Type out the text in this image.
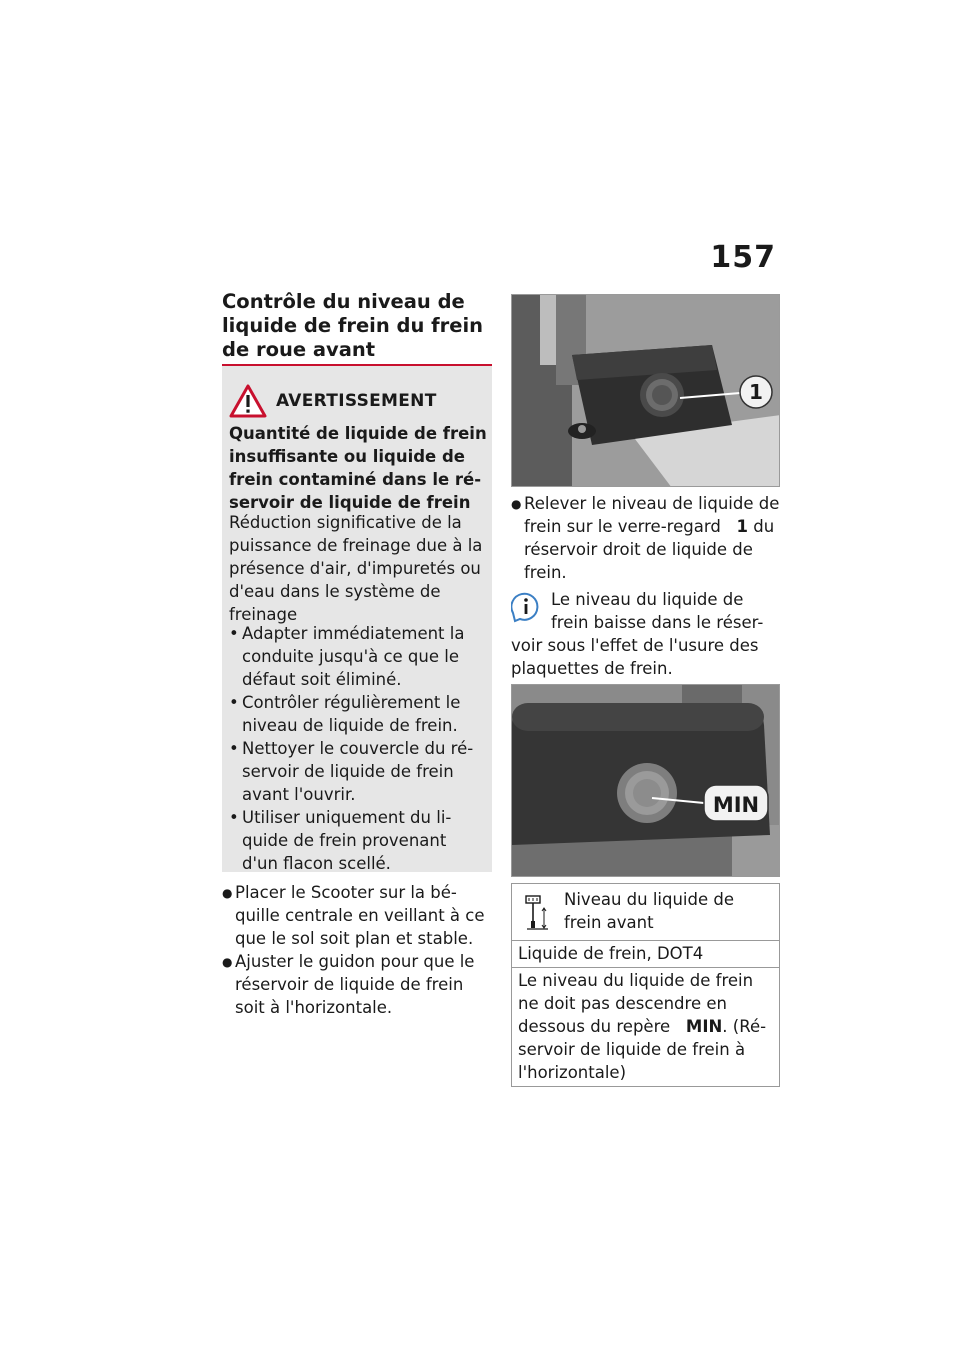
157
Contrôle du niveau de liquide de frein du frein de roue avant
AVERTISSEMENT
Quantité de liquide de frein insuffisante ou liquide de frein contaminé dans le ré-servoir de liquide de frein
Réduction significative de la puissance de freinage due à la présence d'air, d'impuretés ou d'eau dans le système de freinage
• Adapter immédiatement la conduite jusqu'à ce que le défaut soit éliminé.
• Contrôler régulièrement le niveau de liquide de frein.
• Nettoyer le couvercle du ré-servoir de liquide de frein avant l'ouvrir.
• Utiliser uniquement du li-quide de frein provenant d'un flacon scellé.
● Placer le Scooter sur la bé-quille centrale en veillant à ce que le sol soit plan et stable.
● Ajuster le guidon pour que le réservoir de liquide de frein soit à l'horizontale.
1
● Relever le niveau de liquide de frein sur le verre-regard 1 du réservoir droit de liquide de frein.
Le niveau du liquide de
frein baisse dans le réser-
voir sous l'effet de l'usure des plaquettes de frein.
MIN
Niveau du liquide de frein avant
Liquide de frein, DOT4
Le niveau du liquide de frein ne doit pas descendre en dessous du repère MIN. (Ré-servoir de liquide de frein à l'horizontale)
